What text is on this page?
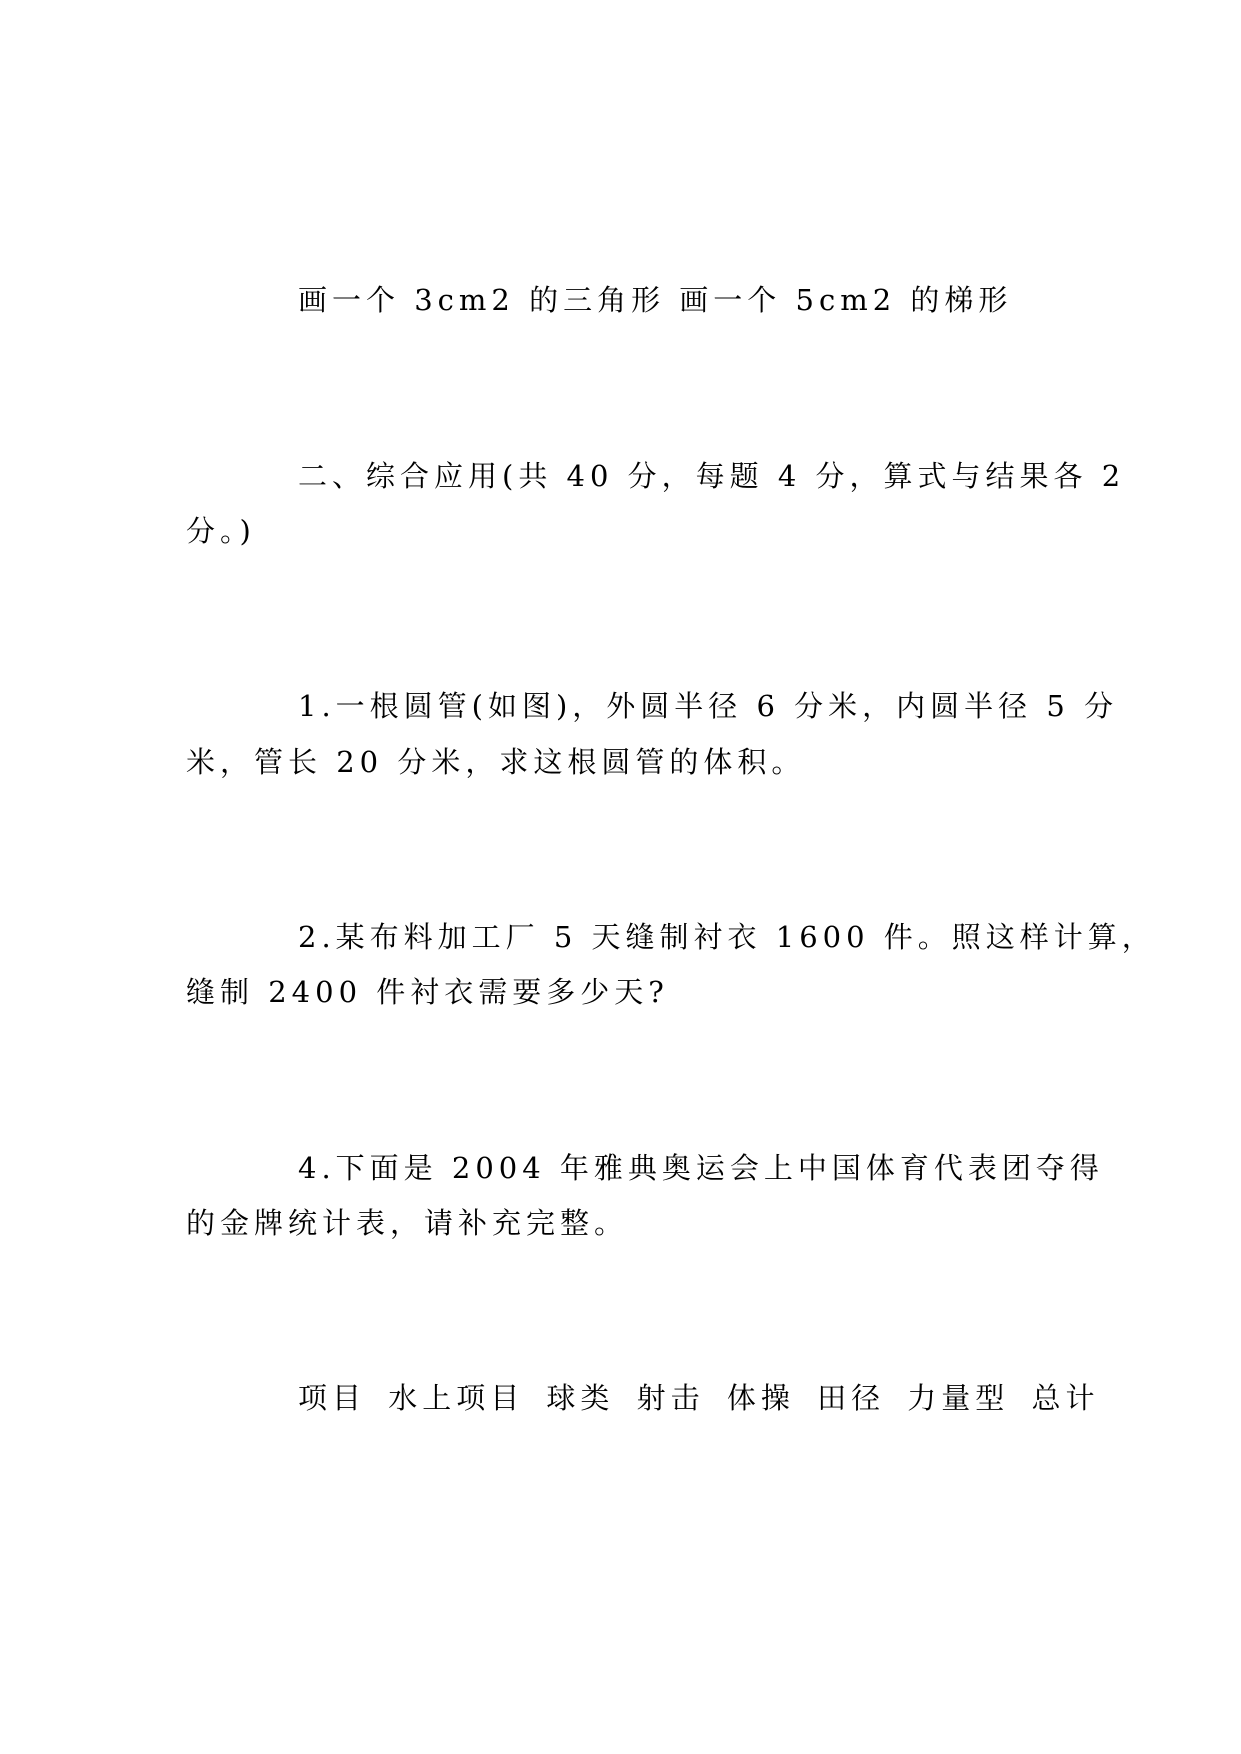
画一个 3cm2 的三角形 画一个 5cm2 的梯形

二、综合应用(共 40 分，每题 4 分，算式与结果各 2

分。)

1.一根圆管(如图)，外圆半径 6 分米，内圆半径 5 分

米，管长 20 分米，求这根圆管的体积。

2.某布料加工厂 5 天缝制衬衣 1600 件。照这样计算，

缝制 2400 件衬衣需要多少天?

4.下面是 2004 年雅典奥运会上中国体育代表团夺得

的金牌统计表，请补充完整。

项目 水上项目 球类 射击 体操 田径 力量型 总计
